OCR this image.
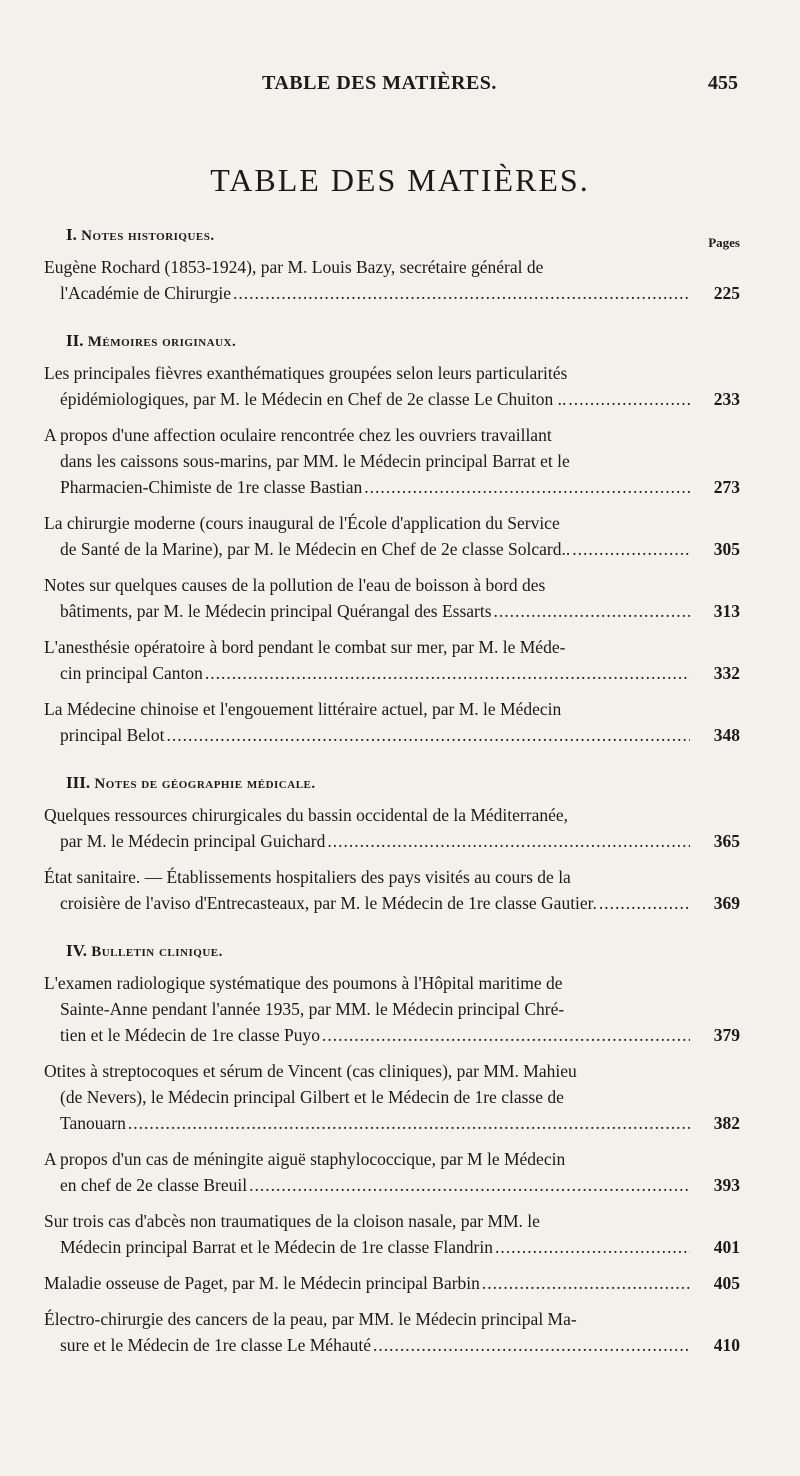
TABLE DES MATIÈRES.	455
TABLE DES MATIÈRES.
I. Notes historiques.	Pages
Eugène Rochard (1853-1924), par M. Louis Bazy, secrétaire général de
l'Académie de Chirurgie .....	225
II. Mémoires originaux.
Les principales fièvres exanthématiques groupées selon leurs particularités
épidémiologiques, par M. le Médecin en Chef de 2e classe Le Chuiton .. .....	233
A propos d'une affection oculaire rencontrée chez les ouvriers travaillant
dans les caissons sous-marins, par MM. le Médecin principal Barrat et le
Pharmacien-Chimiste de 1re classe Bastian .....	273
La chirurgie moderne (cours inaugural de l'École d'application du Service
de Santé de la Marine), par M. le Médecin en Chef de 2e classe Solcard.. .....	305
Notes sur quelques causes de la pollution de l'eau de boisson à bord des
bâtiments, par M. le Médecin principal Quérangal des Essarts .....	313
L'anesthésie opératoire à bord pendant le combat sur mer, par M. le Méde-
cin principal Canton .....	332
La Médecine chinoise et l'engouement littéraire actuel, par M. le Médecin
principal Belot .....	348
III. Notes de géographie médicale.
Quelques ressources chirurgicales du bassin occidental de la Méditerranée,
par M. le Médecin principal Guichard .....	365
État sanitaire. — Établissements hospitaliers des pays visités au cours de la
croisière de l'aviso d'Entrecasteaux, par M. le Médecin de 1re classe Gautier. .....	369
IV. Bulletin clinique.
L'examen radiologique systématique des poumons à l'Hôpital maritime de
Sainte-Anne pendant l'année 1935, par MM. le Médecin principal Chré-
tien et le Médecin de 1re classe Puyo .....	379
Otites à streptocoques et sérum de Vincent (cas cliniques), par MM. Mahieu
(de Nevers), le Médecin principal Gilbert et le Médecin de 1re classe de
Tanouarn .....	382
A propos d'un cas de méningite aiguë staphylococcique, par M le Médecin
en chef de 2e classe Breuil .....	393
Sur trois cas d'abcès non traumatiques de la cloison nasale, par MM. le
Médecin principal Barrat et le Médecin de 1re classe Flandrin .....	401
Maladie osseuse de Paget, par M. le Médecin principal Barbin .....	405
Électro-chirurgie des cancers de la peau, par MM. le Médecin principal Ma-
sure et le Médecin de 1re classe Le Méhauté .....	410
